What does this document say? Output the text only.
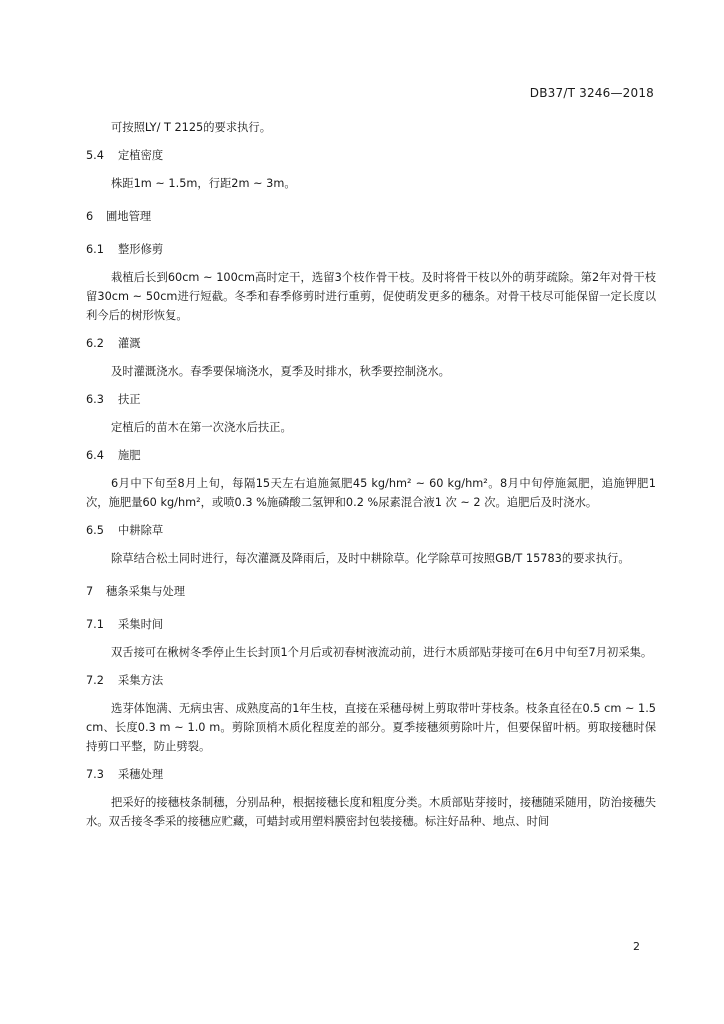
DB37/T 3246—2018

可按照LY/ T 2125的要求执行。

5.4 定植密度

株距1m ~ 1.5m，行距2m ~ 3m。

6 圃地管理
6.1 整形修剪

栽植后长到60cm ~ 100cm高时定干，选留3个枝作骨干枝。及时将骨干枝以外的萌芽疏除。第2年对骨干枝留30cm ~ 50cm进行短截。冬季和春季修剪时进行重剪，促使萌发更多的穗条。对骨干枝尽可能保留一定长度以利今后的树形恢复。

6.2 灌溉

及时灌溉浇水。春季要保墒浇水，夏季及时排水，秋季要控制浇水。

6.3 扶正

定植后的苗木在第一次浇水后扶正。

6.4 施肥

6月中下旬至8月上旬，每隔15天左右追施氮肥45 kg/hm² ~ 60 kg/hm²。8月中旬停施氮肥，追施钾肥1次，施肥量60 kg/hm²，或喷0.3 %施磷酸二氢钾和0.2 %尿素混合液1 次 ~ 2 次。追肥后及时浇水。

6.5 中耕除草

除草结合松土同时进行，每次灌溉及降雨后，及时中耕除草。化学除草可按照GB/T 15783的要求执行。

7 穗条采集与处理
7.1 采集时间

双舌接可在楸树冬季停止生长封顶1个月后或初春树液流动前，进行木质部贴芽接可在6月中旬至7月初采集。

7.2 采集方法

选芽体饱满、无病虫害、成熟度高的1年生枝，直接在采穗母树上剪取带叶芽枝条。枝条直径在0.5 cm ~ 1.5 cm、长度0.3 m ~ 1.0 m。剪除顶梢木质化程度差的部分。夏季接穗须剪除叶片，但要保留叶柄。剪取接穗时保持剪口平整，防止劈裂。

7.3 采穗处理

把采好的接穗枝条制穗，分别品种，根据接穗长度和粗度分类。木质部贴芽接时，接穗随采随用，防治接穗失水。双舌接冬季采的接穗应贮藏，可蜡封或用塑料膜密封包装接穗。标注好品种、地点、时间

2
